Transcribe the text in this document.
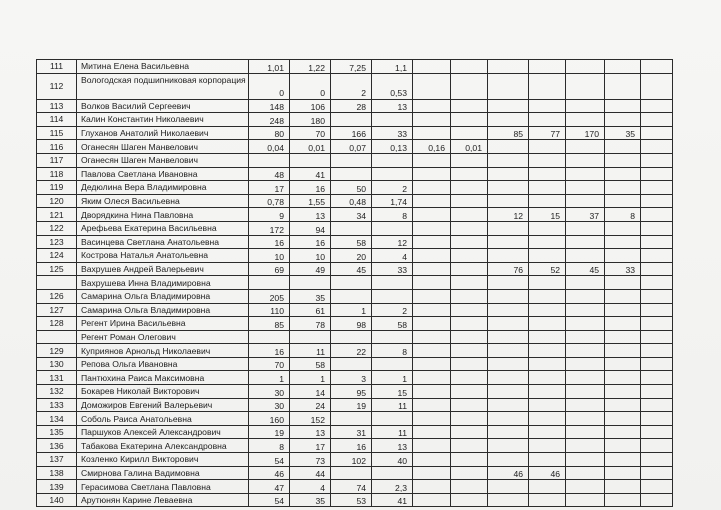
111	Митина Елена Васильевна	1,01	1,22	7,25	1,1							
112	Вологодская подшипниковая корпорация	0	0	2	0,53							
113	Волков Василий Сергеевич	148	106	28	13							
114	Калин Константин Николаевич	248	180									
115	Глуханов Анатолий Николаевич	80	70	166	33			85	77	170	35	
116	Оганесян Шаген Манвелович	0,04	0,01	0,07	0,13	0,16	0,01					
117	Оганесян Шаген Манвелович											
118	Павлова Светлана Ивановна	48	41									
119	Дедюлина Вера Владимировна	17	16	50	2							
120	Яким Олеся Васильевна	0,78	1,55	0,48	1,74							
121	Дворядкина Нина Павловна	9	13	34	8			12	15	37	8	
122	Арефьева Екатерина Васильевна	172	94									
123	Васинцева Светлана Анатольевна	16	16	58	12							
124	Кострова Наталья Анатольевна	10	10	20	4							
125	Вахрушев Андрей Валерьевич	69	49	45	33			76	52	45	33	
	Вахрушева Инна Владимировна											
126	Самарина Ольга Владимировна	205	35									
127	Самарина Ольга Владимировна	110	61	1	2							
128	Регент Ирина Васильевна	85	78	98	58							
	Регент Роман Олегович											
129	Куприянов Арнольд Николаевич	16	11	22	8							
130	Репова Ольга Ивановна	70	58									
131	Пантюхина Раиса Максимовна	1	1	3	1							
132	Бокарев Николай Викторович	30	14	95	15							
133	Доможиров Евгений Валерьевич	30	24	19	11							
134	Соболь Раиса Анатольевна	160	152									
135	Паршуков Алексей Александрович	19	13	31	11							
136	Табакова Екатерина Александровна	8	17	16	13							
137	Козленко Кирилл Викторович	54	73	102	40							
138	Смирнова Галина Вадимовна	46	44					46	46			
139	Герасимова Светлана Павловна	47	4	74	2,3							
140	Арутюнян Карине Леваевна	54	35	53	41							
